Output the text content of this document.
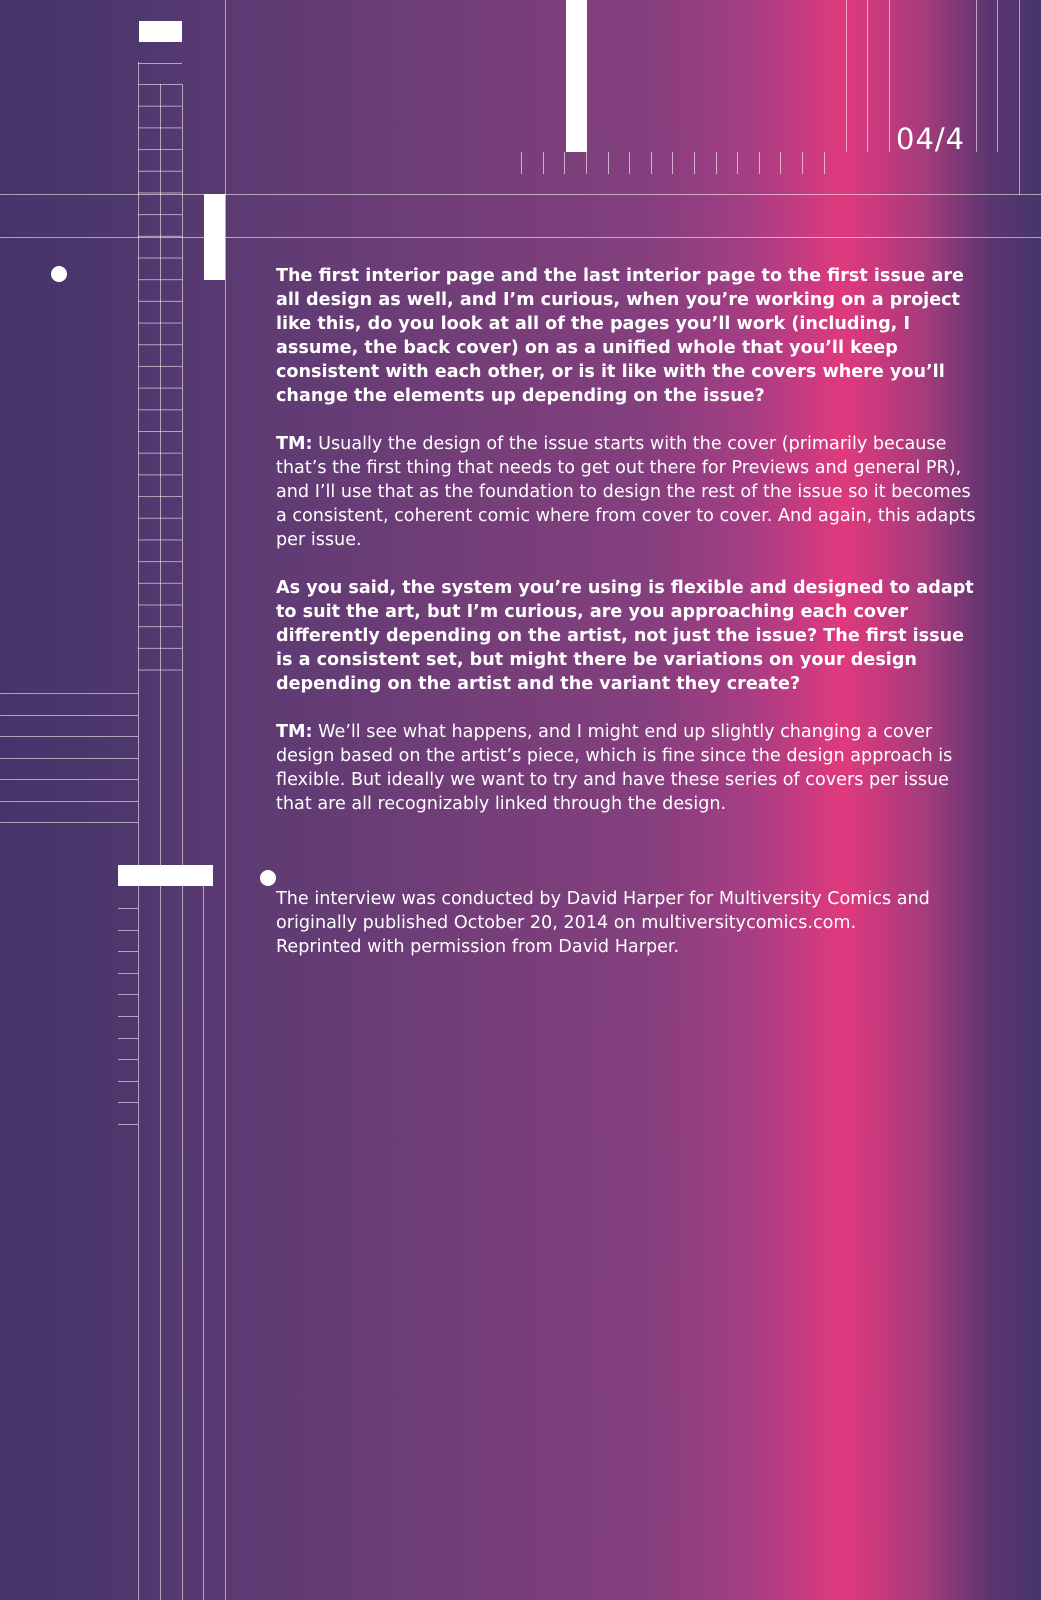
04/4

The first interior page and the last interior page to the first issue are all design as well, and I’m curious, when you’re working on a project like this, do you look at all of the pages you’ll work (including, I assume, the back cover) on as a unified whole that you’ll keep consistent with each other, or is it like with the covers where you’ll change the elements up depending on the issue?

TM: Usually the design of the issue starts with the cover (primarily because that’s the first thing that needs to get out there for Previews and general PR), and I’ll use that as the foundation to design the rest of the issue so it becomes a consistent, coherent comic where from cover to cover. And again, this adapts per issue.

As you said, the system you’re using is flexible and designed to adapt to suit the art, but I’m curious, are you approaching each cover differently depending on the artist, not just the issue? The first issue is a consistent set, but might there be variations on your design depending on the artist and the variant they create?

TM: We’ll see what happens, and I might end up slightly changing a cover design based on the artist’s piece, which is fine since the design approach is flexible. But ideally we want to try and have these series of covers per issue that are all recognizably linked through the design.

The interview was conducted by David Harper for Multiversity Comics and
originally published October 20, 2014 on multiversitycomics.com.
Reprinted with permission from David Harper.
